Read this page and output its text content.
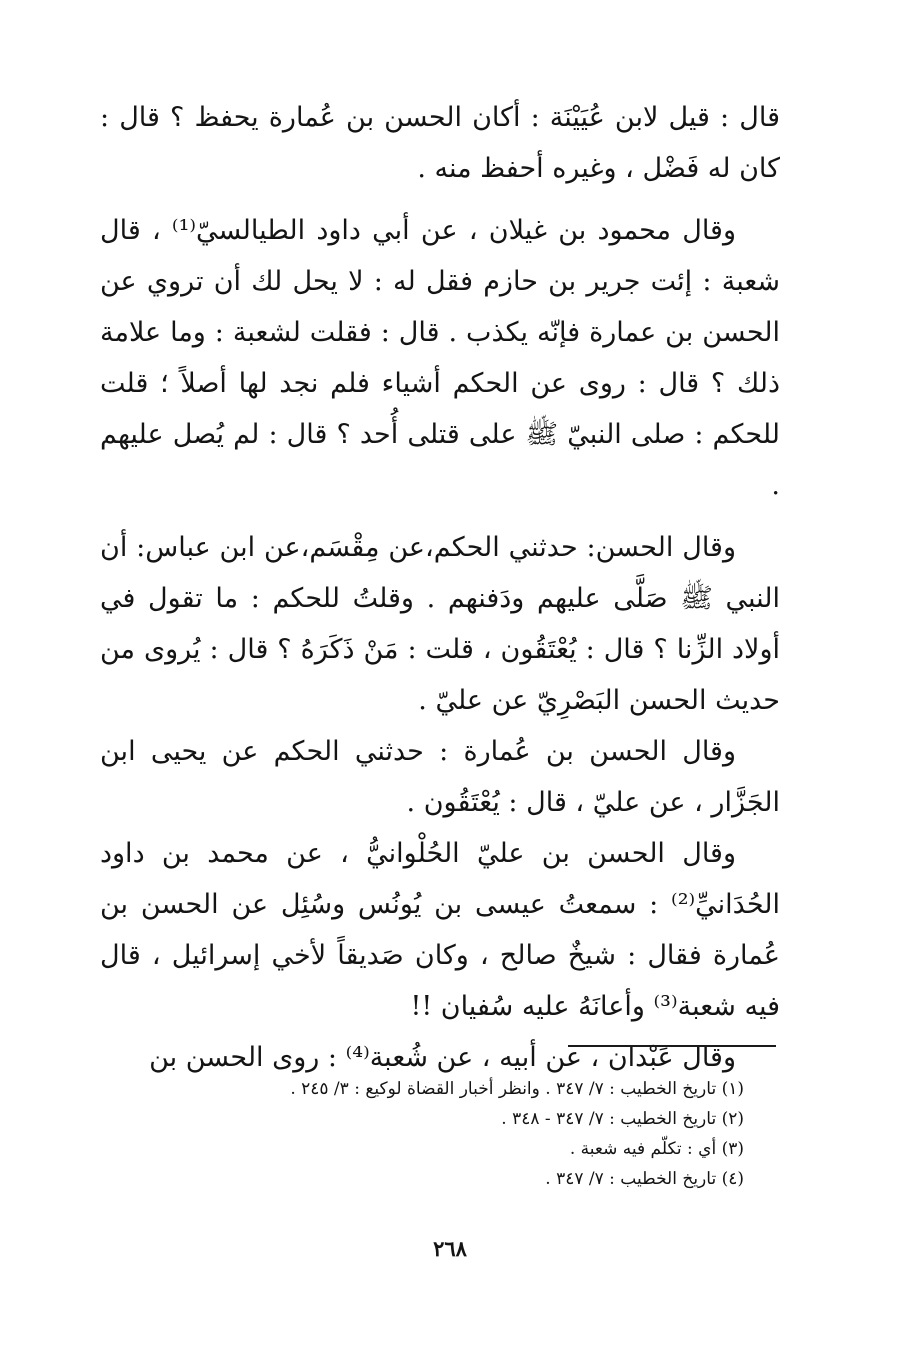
قال : قيل لابن عُيَيْنَة : أكان الحسن بن عُمارة يحفظ ؟ قال : كان له فَضْل ، وغيره أحفظ منه .

وقال محمود بن غيلان ، عن أبي داود الطيالسيّ⁽¹⁾ ، قال شعبة : إئت جرير بن حازم فقل له : لا يحل لك أن تروي عن الحسن بن عمارة فإنّه يكذب . قال : فقلت لشعبة : وما علامة ذلك ؟ قال : روى عن الحكم أشياء فلم نجد لها أصلاً ؛ قلت للحكم : صلى النبيّ ﷺ على قتلى أُحد ؟ قال : لم يُصل عليهم .

وقال الحسن: حدثني الحكم،عن مِقْسَم،عن ابن عباس: أن النبي ﷺ صَلَّى عليهم ودَفنهم . وقلتُ للحكم : ما تقول في أولاد الزِّنا ؟ قال : يُعْتَقُون ، قلت : مَنْ ذَكَرَهُ ؟ قال : يُروى من حديث الحسن البَصْرِيّ عن عليّ .

وقال الحسن بن عُمارة : حدثني الحكم عن يحيى ابن الجَزَّار ، عن عليّ ، قال : يُعْتَقُون .

وقال الحسن بن عليّ الحُلْوانيُّ ، عن محمد بن داود الحُدَانيِّ⁽²⁾ : سمعتُ عيسى بن يُونُس وسُئِل عن الحسن بن عُمارة فقال : شيخٌ صالح ، وكان صَديقاً لأخي إسرائيل ، قال فيه شعبة⁽³⁾ وأعانَهُ عليه سُفيان !!

وقال عَبْدان ، عن أبيه ، عن شُعبة⁽⁴⁾ : روى الحسن بن

(١) تاريخ الخطيب : ٧/ ٣٤٧ . وانظر أخبار القضاة لوكيع : ٣/ ٢٤٥ .

(٢) تاريخ الخطيب : ٧/ ٣٤٧ - ٣٤٨ .

(٣) أي : تكلّم فيه شعبة .

(٤) تاريخ الخطيب : ٧/ ٣٤٧ .

٢٦٨
